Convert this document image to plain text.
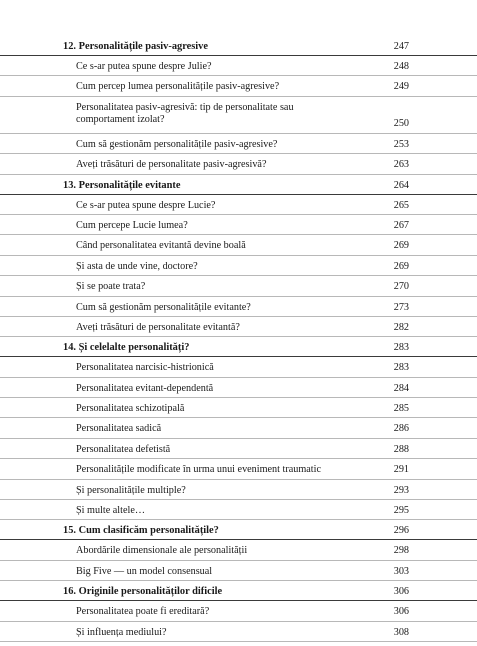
12. Personalitățile pasiv-agresive	247
Ce s-ar putea spune despre Julie?	248
Cum percep lumea personalitățile pasiv-agresive?	249
Personalitatea pasiv-agresivă: tip de personalitate sau
comportament izolat?	250
Cum să gestionăm personalitățile pasiv-agresive?	253
Aveți trăsături de personalitate pasiv-agresivă?	263
13. Personalitățile evitante	264
Ce s-ar putea spune despre Lucie?	265
Cum percepe Lucie lumea?	267
Când personalitatea evitantă devine boală	269
Și asta de unde vine, doctore?	269
Și se poate trata?	270
Cum să gestionăm personalitățile evitante?	273
Aveți trăsături de personalitate evitantă?	282
14. Și celelalte personalități?	283
Personalitatea narcisic-histrionică	283
Personalitatea evitant-dependentă	284
Personalitatea schizotipală	285
Personalitatea sadică	286
Personalitatea defetistă	288
Personalitățile modificate în urma unui eveniment traumatic	291
Și personalitățile multiple?	293
Și multe altele…	295
15. Cum clasificăm personalitățile?	296
Abordările dimensionale ale personalității	298
Big Five — un model consensual	303
16. Originile personalităților dificile	306
Personalitatea poate fi ereditară?	306
Și influența mediului?	308
